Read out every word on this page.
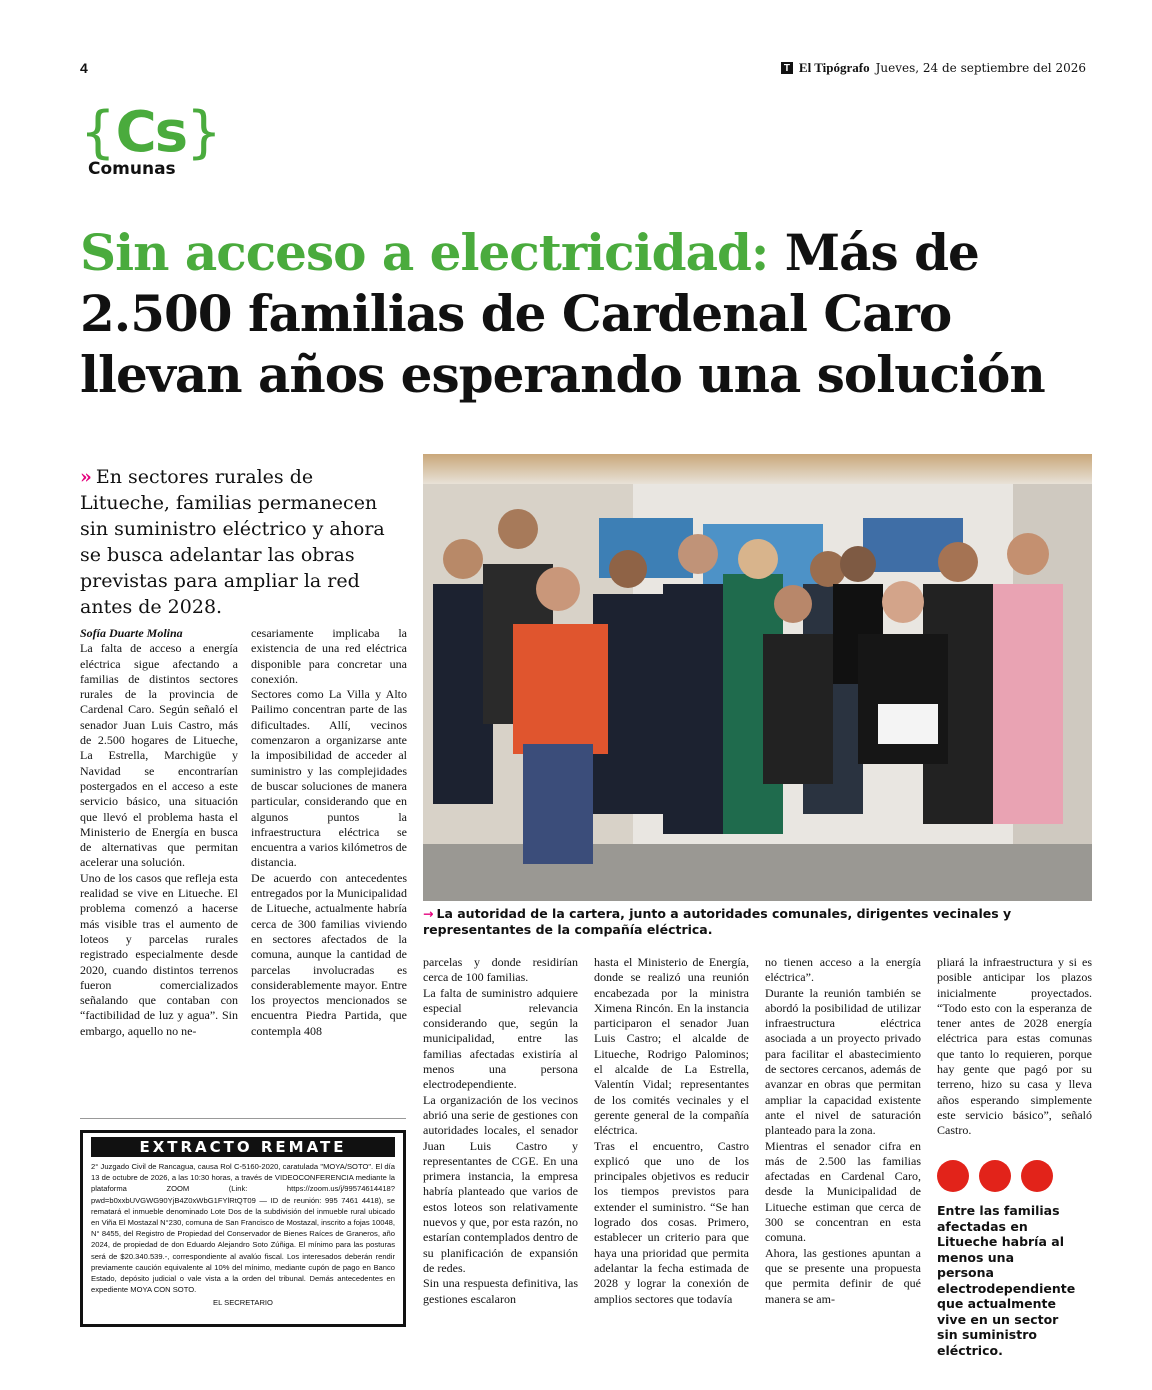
4	T El Tipógrafo Jueves, 24 de septiembre del 2026
{ Cs }
Comunas
Sin acceso a electricidad: Más de 2.500 familias de Cardenal Caro llevan años esperando una solución
» En sectores rurales de Litueche, familias permanecen sin suministro eléctrico y ahora se busca adelantar las obras previstas para ampliar la red antes de 2028.
→ La autoridad de la cartera, junto a autoridades comunales, dirigentes vecinales y representantes de la compañía eléctrica.

Sofía Duarte Molina

La falta de acceso a energía eléctrica sigue afectando a familias de distintos sectores rurales de la provincia de Cardenal Caro. Según señaló el senador Juan Luis Castro, más de 2.500 hogares de Litueche, La Estrella, Marchigüe y Navidad se encontrarían postergados en el acceso a este servicio básico, una situación que llevó el problema hasta el Ministerio de Energía en busca de alternativas que permitan acelerar una solución.

Uno de los casos que refleja esta realidad se vive en Litueche. El problema comenzó a hacerse más visible tras el aumento de loteos y parcelas rurales registrado especialmente desde 2020, cuando distintos terrenos fueron comercializados señalando que contaban con “factibilidad de luz y agua”. Sin embargo, aquello no ne-

cesariamente implicaba la existencia de una red eléctrica disponible para concretar una conexión.

Sectores como La Villa y Alto Pailimo concentran parte de las dificultades. Allí, vecinos comenzaron a organizarse ante la imposibilidad de acceder al suministro y las complejidades de buscar soluciones de manera particular, considerando que en algunos puntos la infraestructura eléctrica se encuentra a varios kilómetros de distancia.

De acuerdo con antecedentes entregados por la Municipalidad de Litueche, actualmente habría cerca de 300 familias viviendo en sectores afectados de la comuna, aunque la cantidad de parcelas involucradas es considerablemente mayor. Entre los proyectos mencionados se encuentra Piedra Partida, que contempla 408

parcelas y donde residirían cerca de 100 familias.

La falta de suministro adquiere especial relevancia considerando que, según la municipalidad, entre las familias afectadas existiría al menos una persona electrodependiente.

La organización de los vecinos abrió una serie de gestiones con autoridades locales, el senador Juan Luis Castro y representantes de CGE. En una primera instancia, la empresa habría planteado que varios de estos loteos son relativamente nuevos y que, por esta razón, no estarían contemplados dentro de su planificación de expansión de redes.

Sin una respuesta definitiva, las gestiones escalaron

hasta el Ministerio de Energía, donde se realizó una reunión encabezada por la ministra Ximena Rincón. En la instancia participaron el senador Juan Luis Castro; el alcalde de Litueche, Rodrigo Palominos; el alcalde de La Estrella, Valentín Vidal; representantes de los comités vecinales y el gerente general de la compañía eléctrica.

Tras el encuentro, Castro explicó que uno de los principales objetivos es reducir los tiempos previstos para extender el suministro. “Se han logrado dos cosas. Primero, establecer un criterio para que haya una prioridad que permita adelantar la fecha estimada de 2028 y lograr la conexión de amplios sectores que todavía

no tienen acceso a la energía eléctrica”.

Durante la reunión también se abordó la posibilidad de utilizar infraestructura eléctrica asociada a un proyecto privado para facilitar el abastecimiento de sectores cercanos, además de avanzar en obras que permitan ampliar la capacidad existente ante el nivel de saturación planteado para la zona.

Mientras el senador cifra en más de 2.500 las familias afectadas en Cardenal Caro, desde la Municipalidad de Litueche estiman que cerca de 300 se concentran en esta comuna.

Ahora, las gestiones apuntan a que se presente una propuesta que permita definir de qué manera se am-

pliará la infraestructura y si es posible anticipar los plazos inicialmente proyectados. “Todo esto con la esperanza de tener antes de 2028 energía eléctrica para estas comunas que tanto lo requieren, porque hay gente que pagó por su terreno, hizo su casa y lleva años esperando simplemente este servicio básico”, señaló Castro.

Entre las familias afectadas en Litueche habría al menos una persona electrodependiente que actualmente vive en un sector sin suministro eléctrico.
EXTRACTO REMATE
2° Juzgado Civil de Rancagua, causa Rol C-5160-2020, caratulada "MOYA/SOTO". El día 13 de octubre de 2026, a las 10:30 horas, a través de VIDEOCONFERENCIA mediante la plataforma ZOOM (Link: https://zoom.us/j/99574614418?pwd=b0xxbUVGWG90YjB4Z0xWbG1FYlRtQT09 — ID de reunión: 995 7461 4418), se rematará el inmueble denominado Lote Dos de la subdivisión del inmueble rural ubicado en Viña El Mostazal N°230, comuna de San Francisco de Mostazal, inscrito a fojas 10048, N° 8455, del Registro de Propiedad del Conservador de Bienes Raíces de Graneros, año 2024, de propiedad de don Eduardo Alejandro Soto Zúñiga. El mínimo para las posturas será de $20.340.539.-, correspondiente al avalúo fiscal. Los interesados deberán rendir previamente caución equivalente al 10% del mínimo, mediante cupón de pago en Banco Estado, depósito judicial o vale vista a la orden del tribunal. Demás antecedentes en expediente MOYA CON SOTO.
EL SECRETARIO
